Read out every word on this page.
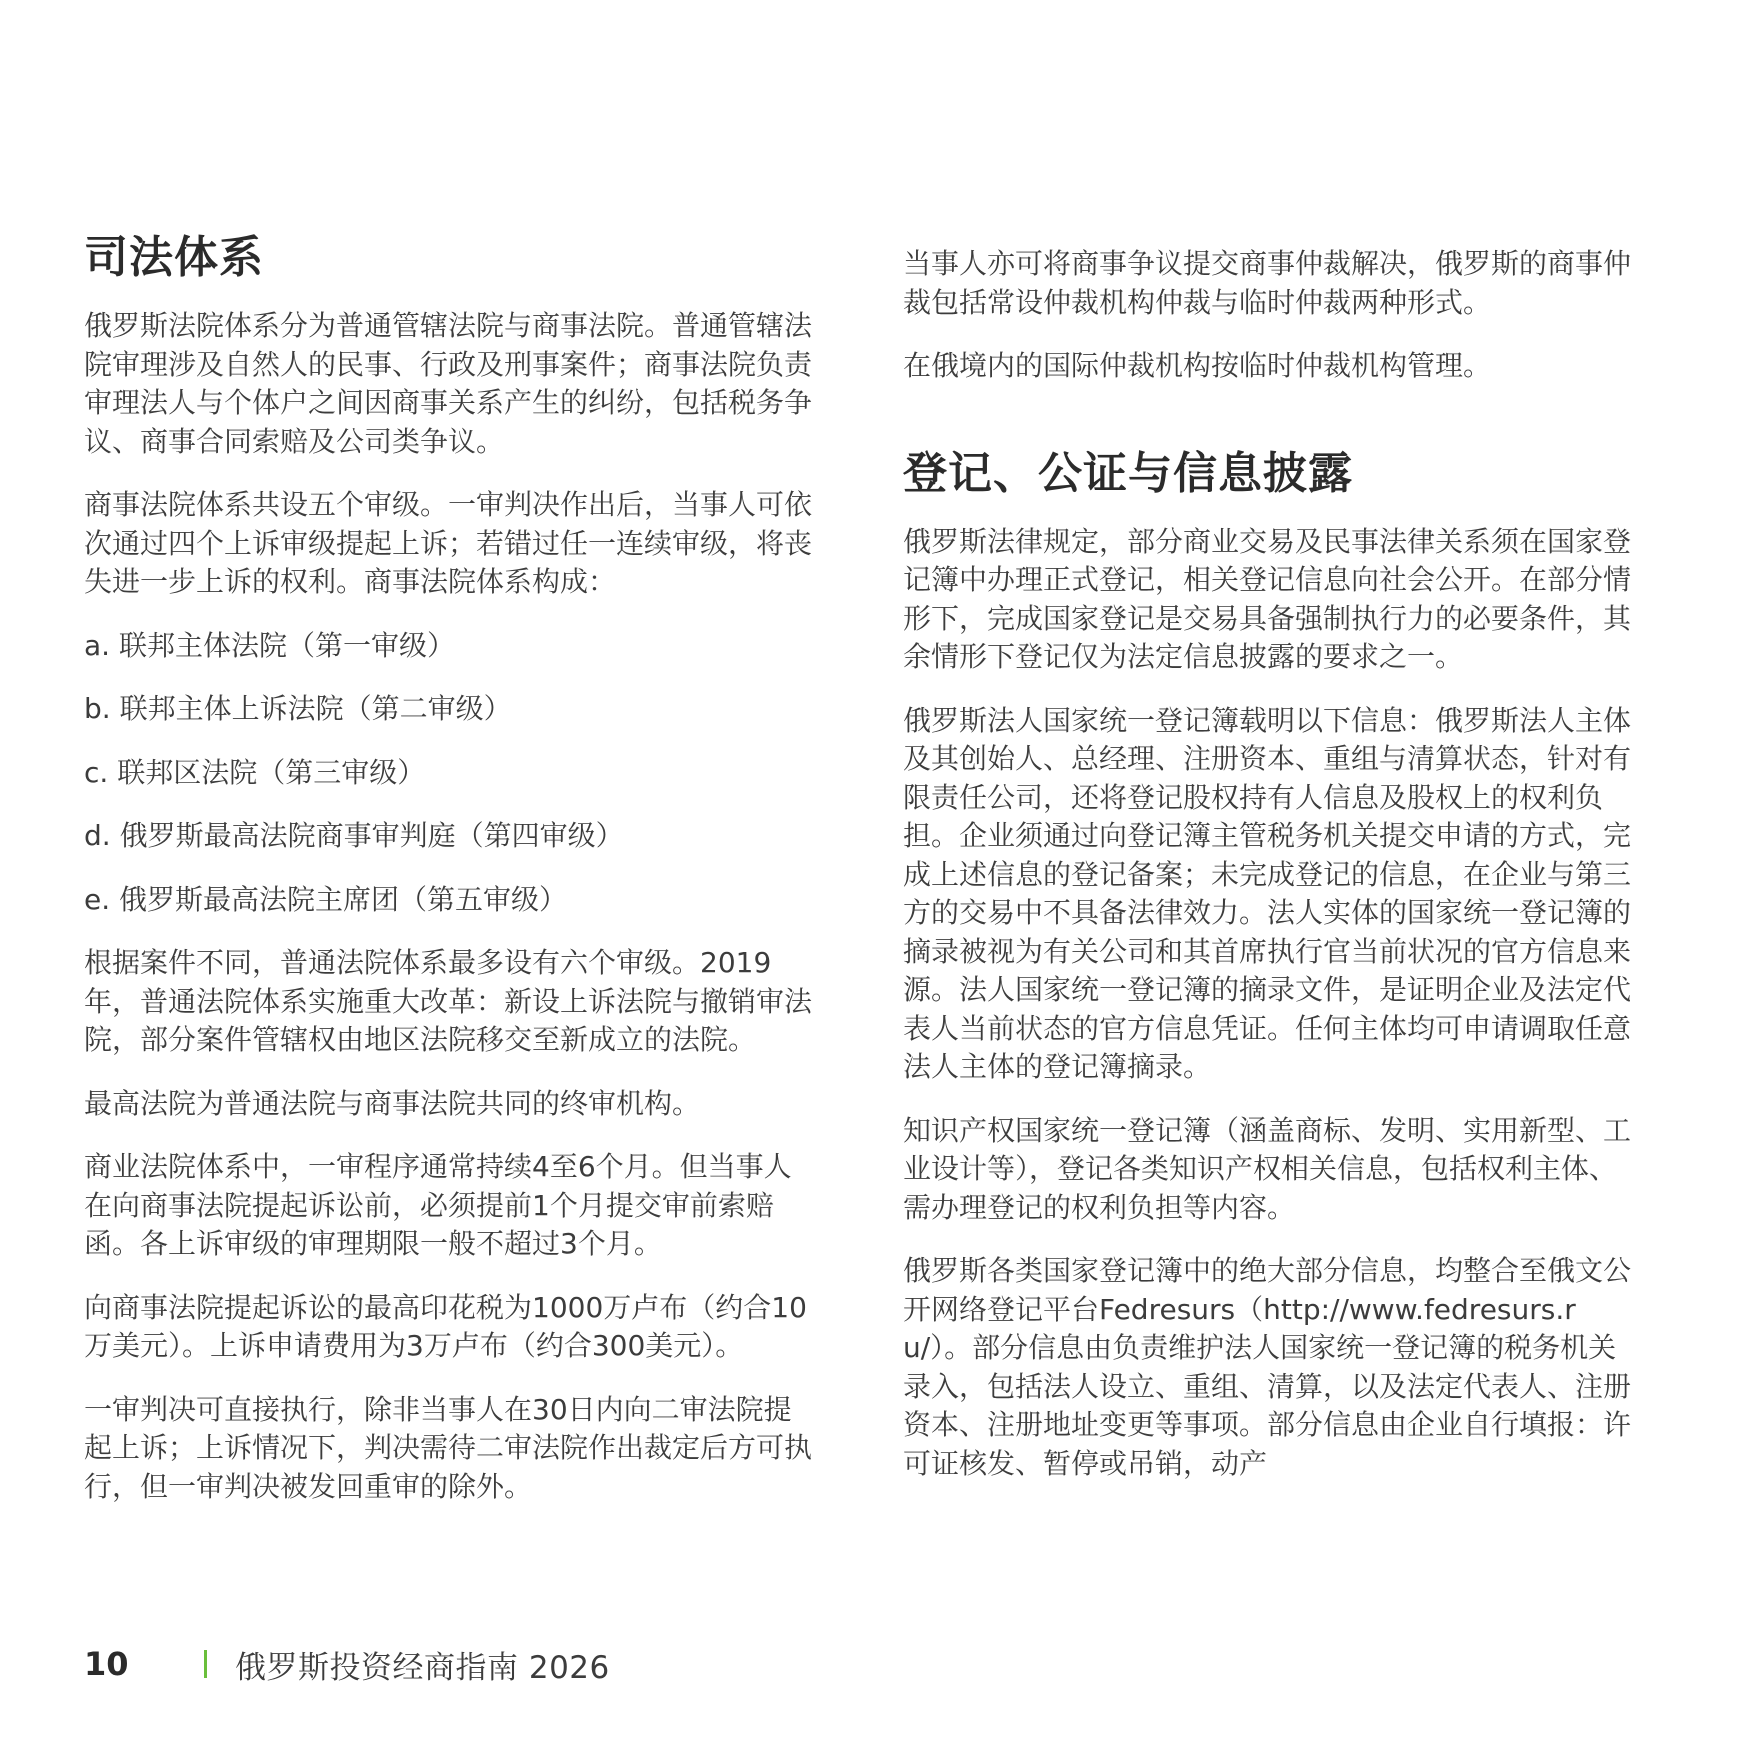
司法体系

俄罗斯法院体系分为普通管辖法院与商事法院。普通管辖法院审理涉及自然人的民事、行政及刑事案件；商事法院负责审理法人与个体户之间因商事关系产生的纠纷，包括税务争议、商事合同索赔及公司类争议。

商事法院体系共设五个审级。一审判决作出后，当事人可依次通过四个上诉审级提起上诉；若错过任一连续审级，将丧失进一步上诉的权利。商事法院体系构成：

a. 联邦主体法院（第一审级）

b. 联邦主体上诉法院（第二审级）

c. 联邦区法院（第三审级）

d. 俄罗斯最高法院商事审判庭（第四审级）

e. 俄罗斯最高法院主席团（第五审级）

根据案件不同，普通法院体系最多设有六个审级。2019年，普通法院体系实施重大改革：新设上诉法院与撤销审法院，部分案件管辖权由地区法院移交至新成立的法院。

最高法院为普通法院与商事法院共同的终审机构。

商业法院体系中，一审程序通常持续4至6个月。但当事人在向商事法院提起诉讼前，必须提前1个月提交审前索赔函。各上诉审级的审理期限一般不超过3个月。

向商事法院提起诉讼的最高印花税为1000万卢布（约合10万美元）。上诉申请费用为3万卢布（约合300美元）。

一审判决可直接执行，除非当事人在30日内向二审法院提起上诉；上诉情况下，判决需待二审法院作出裁定后方可执行，但一审判决被发回重审的除外。

当事人亦可将商事争议提交商事仲裁解决，俄罗斯的商事仲裁包括常设仲裁机构仲裁与临时仲裁两种形式。

在俄境内的国际仲裁机构按临时仲裁机构管理。

登记、公证与信息披露

俄罗斯法律规定，部分商业交易及民事法律关系须在国家登记簿中办理正式登记，相关登记信息向社会公开。在部分情形下，完成国家登记是交易具备强制执行力的必要条件，其余情形下登记仅为法定信息披露的要求之一。

俄罗斯法人国家统一登记簿载明以下信息：俄罗斯法人主体及其创始人、总经理、注册资本、重组与清算状态，针对有限责任公司，还将登记股权持有人信息及股权上的权利负担。企业须通过向登记簿主管税务机关提交申请的方式，完成上述信息的登记备案；未完成登记的信息，在企业与第三方的交易中不具备法律效力。法人实体的国家统一登记簿的摘录被视为有关公司和其首席执行官当前状况的官方信息来源。法人国家统一登记簿的摘录文件，是证明企业及法定代表人当前状态的官方信息凭证。任何主体均可申请调取任意法人主体的登记簿摘录。

知识产权国家统一登记簿（涵盖商标、发明、实用新型、工业设计等），登记各类知识产权相关信息，包括权利主体、需办理登记的权利负担等内容。

俄罗斯各类国家登记簿中的绝大部分信息，均整合至俄文公开网络登记平台Fedresurs（http://www.fedresurs.ru/）。部分信息由负责维护法人国家统一登记簿的税务机关录入，包括法人设立、重组、清算，以及法定代表人、注册资本、注册地址变更等事项。部分信息由企业自行填报：许可证核发、暂停或吊销，动产

10	俄罗斯投资经商指南 2026
